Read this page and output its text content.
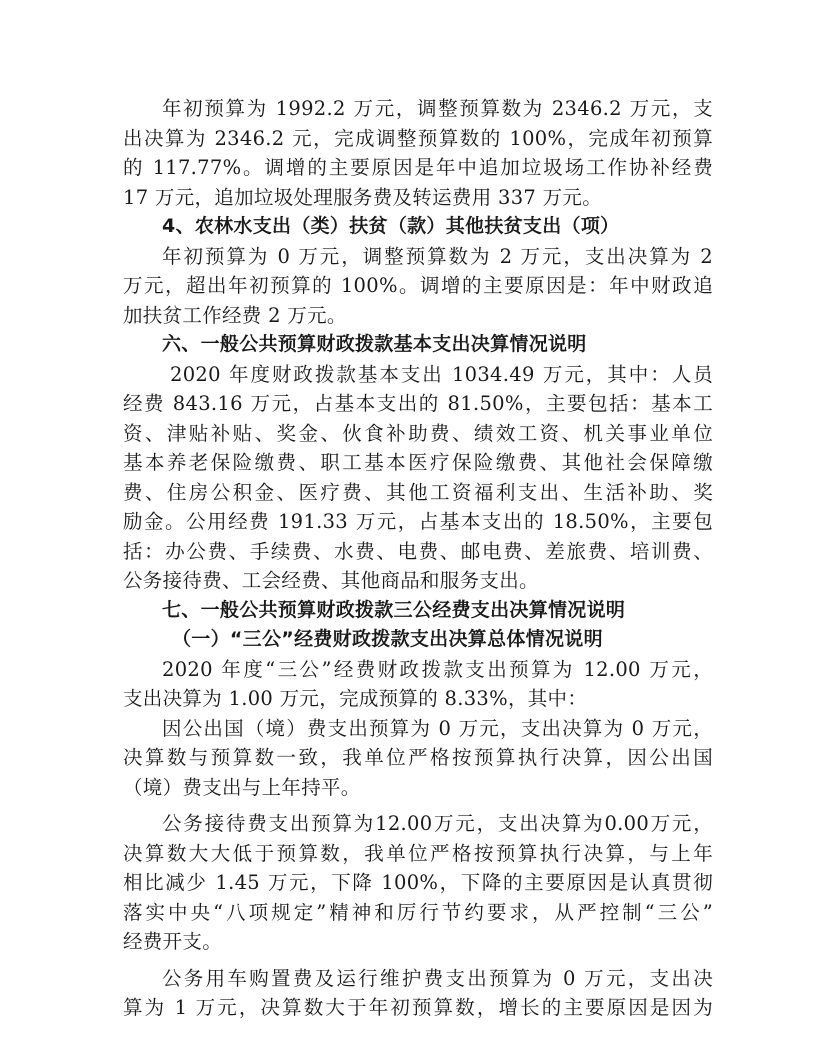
年初预算为 1992.2 万元，调整预算数为 2346.2 万元，支
出决算为 2346.2 元，完成调整预算数的 100%，完成年初预算
的 117.77%。调增的主要原因是年中追加垃圾场工作协补经费
17 万元，追加垃圾处理服务费及转运费用 337 万元。
4、农林水支出（类）扶贫（款）其他扶贫支出（项）
年初预算为 0 万元，调整预算数为 2 万元，支出决算为 2
万元，超出年初预算的 100%。调增的主要原因是：年中财政追
加扶贫工作经费 2 万元。
六、一般公共预算财政拨款基本支出决算情况说明
2020 年度财政拨款基本支出 1034.49 万元，其中：人员
经费 843.16 万元，占基本支出的 81.50%，主要包括：基本工
资、津贴补贴、奖金、伙食补助费、绩效工资、机关事业单位
基本养老保险缴费、职工基本医疗保险缴费、其他社会保障缴
费、住房公积金、医疗费、其他工资福利支出、生活补助、奖
励金。公用经费 191.33 万元，占基本支出的 18.50%，主要包
括：办公费、手续费、水费、电费、邮电费、差旅费、培训费、
公务接待费、工会经费、其他商品和服务支出。
七、一般公共预算财政拨款三公经费支出决算情况说明
（一）“三公”经费财政拨款支出决算总体情况说明
2020 年度“三公”经费财政拨款支出预算为 12.00 万元，
支出决算为 1.00 万元，完成预算的 8.33%，其中：
因公出国（境）费支出预算为 0 万元，支出决算为 0 万元，
决算数与预算数一致，我单位严格按预算执行决算，因公出国
（境）费支出与上年持平。
公务接待费支出预算为12.00万元，支出决算为0.00万元，
决算数大大低于预算数，我单位严格按预算执行决算，与上年
相比减少 1.45 万元，下降 100%，下降的主要原因是认真贯彻
落实中央“八项规定”精神和厉行节约要求，从严控制“三公”
经费开支。
公务用车购置费及运行维护费支出预算为 0 万元，支出决
算为 1 万元，决算数大于年初预算数，增长的主要原因是因为
